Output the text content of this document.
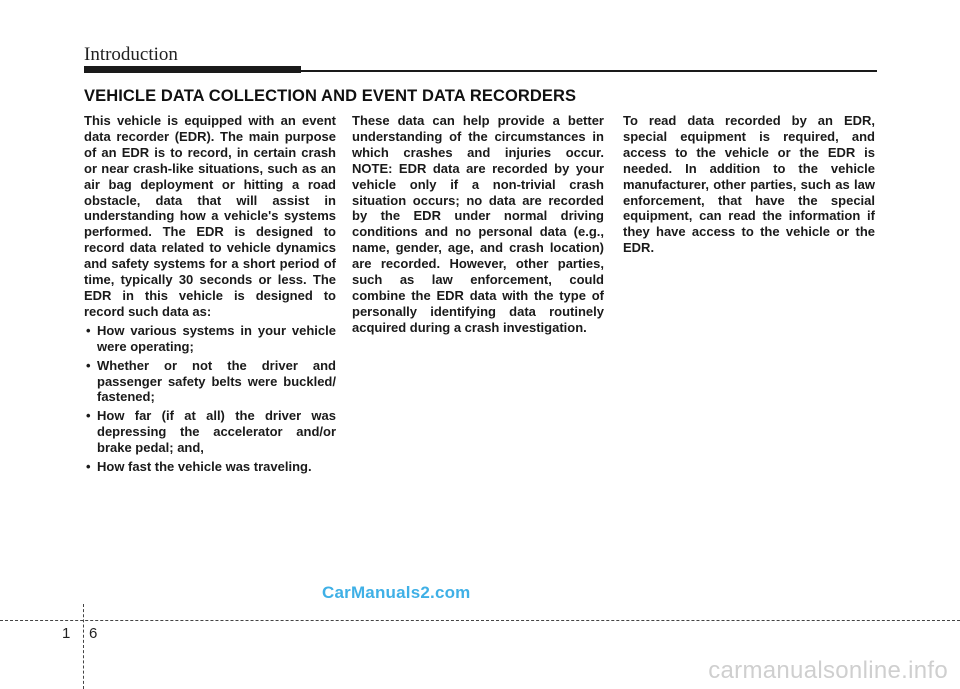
Introduction
VEHICLE DATA COLLECTION AND EVENT DATA RECORDERS

This vehicle is equipped with an event data recorder (EDR). The main purpose of an EDR is to record, in certain crash or near crash-like situations, such as an air bag deployment or hitting a road obstacle, data that will assist in understanding how a vehicle's systems performed. The EDR is designed to record data related to vehicle dynamics and safety systems for a short period of time, typically 30 seconds or less. The EDR in this vehicle is designed to record such data as:

• How various systems in your vehicle were operating;
• Whether or not the driver and passenger safety belts were buckled/ fastened;
• How far (if at all) the driver was depressing the accelerator and/or brake pedal; and,
• How fast the vehicle was traveling.

These data can help provide a better understanding of the circumstances in which crashes and injuries occur. NOTE: EDR data are recorded by your vehicle only if a non-trivial crash situation occurs; no data are recorded by the EDR under normal driving conditions and no personal data (e.g., name, gender, age, and crash location) are recorded. However, other parties, such as law enforcement, could combine the EDR data with the type of personally identifying data routinely acquired during a crash investigation.

To read data recorded by an EDR, special equipment is required, and access to the vehicle or the EDR is needed. In addition to the vehicle manufacturer, other parties, such as law enforcement, that have the special equipment, can read the information if they have access to the vehicle or the EDR.

CarManuals2.com
1 6
carmanualsonline.info
